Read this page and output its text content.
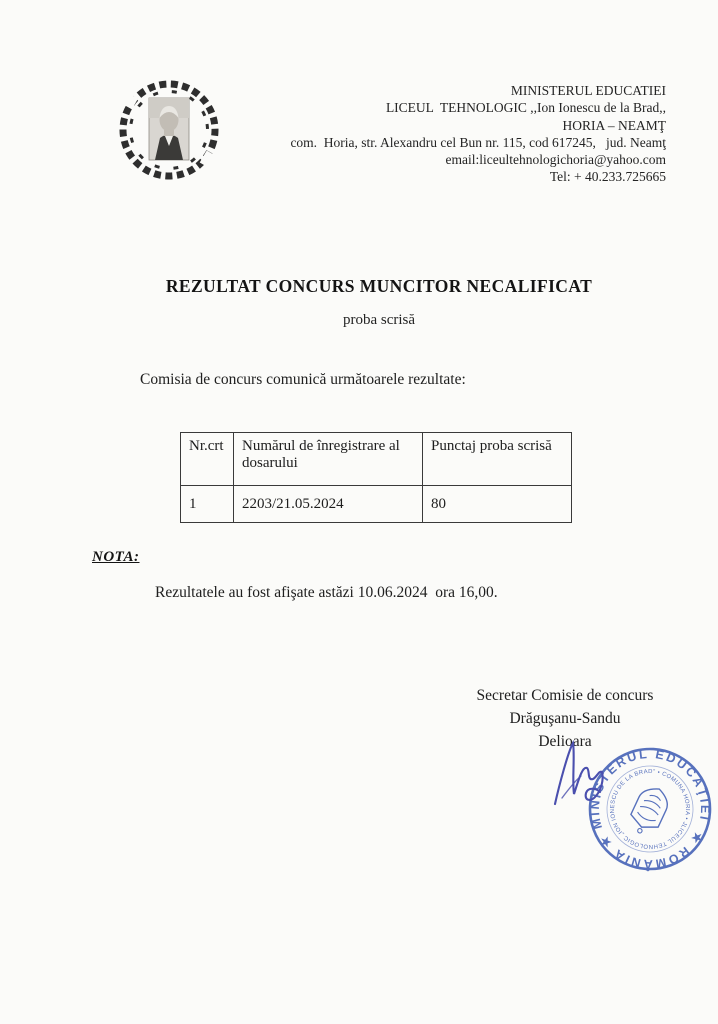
MINISTERUL EDUCATIEI
LICEUL  TEHNOLOGIC ,,Ion Ionescu de la Brad,,
HORIA – NEAMŢ
com.  Horia, str. Alexandru cel Bun nr. 115, cod 617245,   jud. Neamţ
email:liceultehnologichoria@yahoo.com
Tel: + 40.233.725665
REZULTAT CONCURS MUNCITOR NECALIFICAT
proba scrisă
Comisia de concurs comunică următoarele rezultate:
Nr.crt	Numărul de înregistrare al dosarului	Punctaj proba scrisă
1	2203/21.05.2024	80
NOTA:
Rezultatele au fost afişate astăzi 10.06.2024  ora 16,00.
Secretar Comisie de concurs
Drăguşanu-Sandu
Delioara
★ ROMÂNIA ★ MINISTERUL EDUCAŢIEI
LICEUL TEHNOLOGIC „ION IONESCU DE LA BRAD” • COMUNA HORIA • JUDEŢUL NEAMŢ
